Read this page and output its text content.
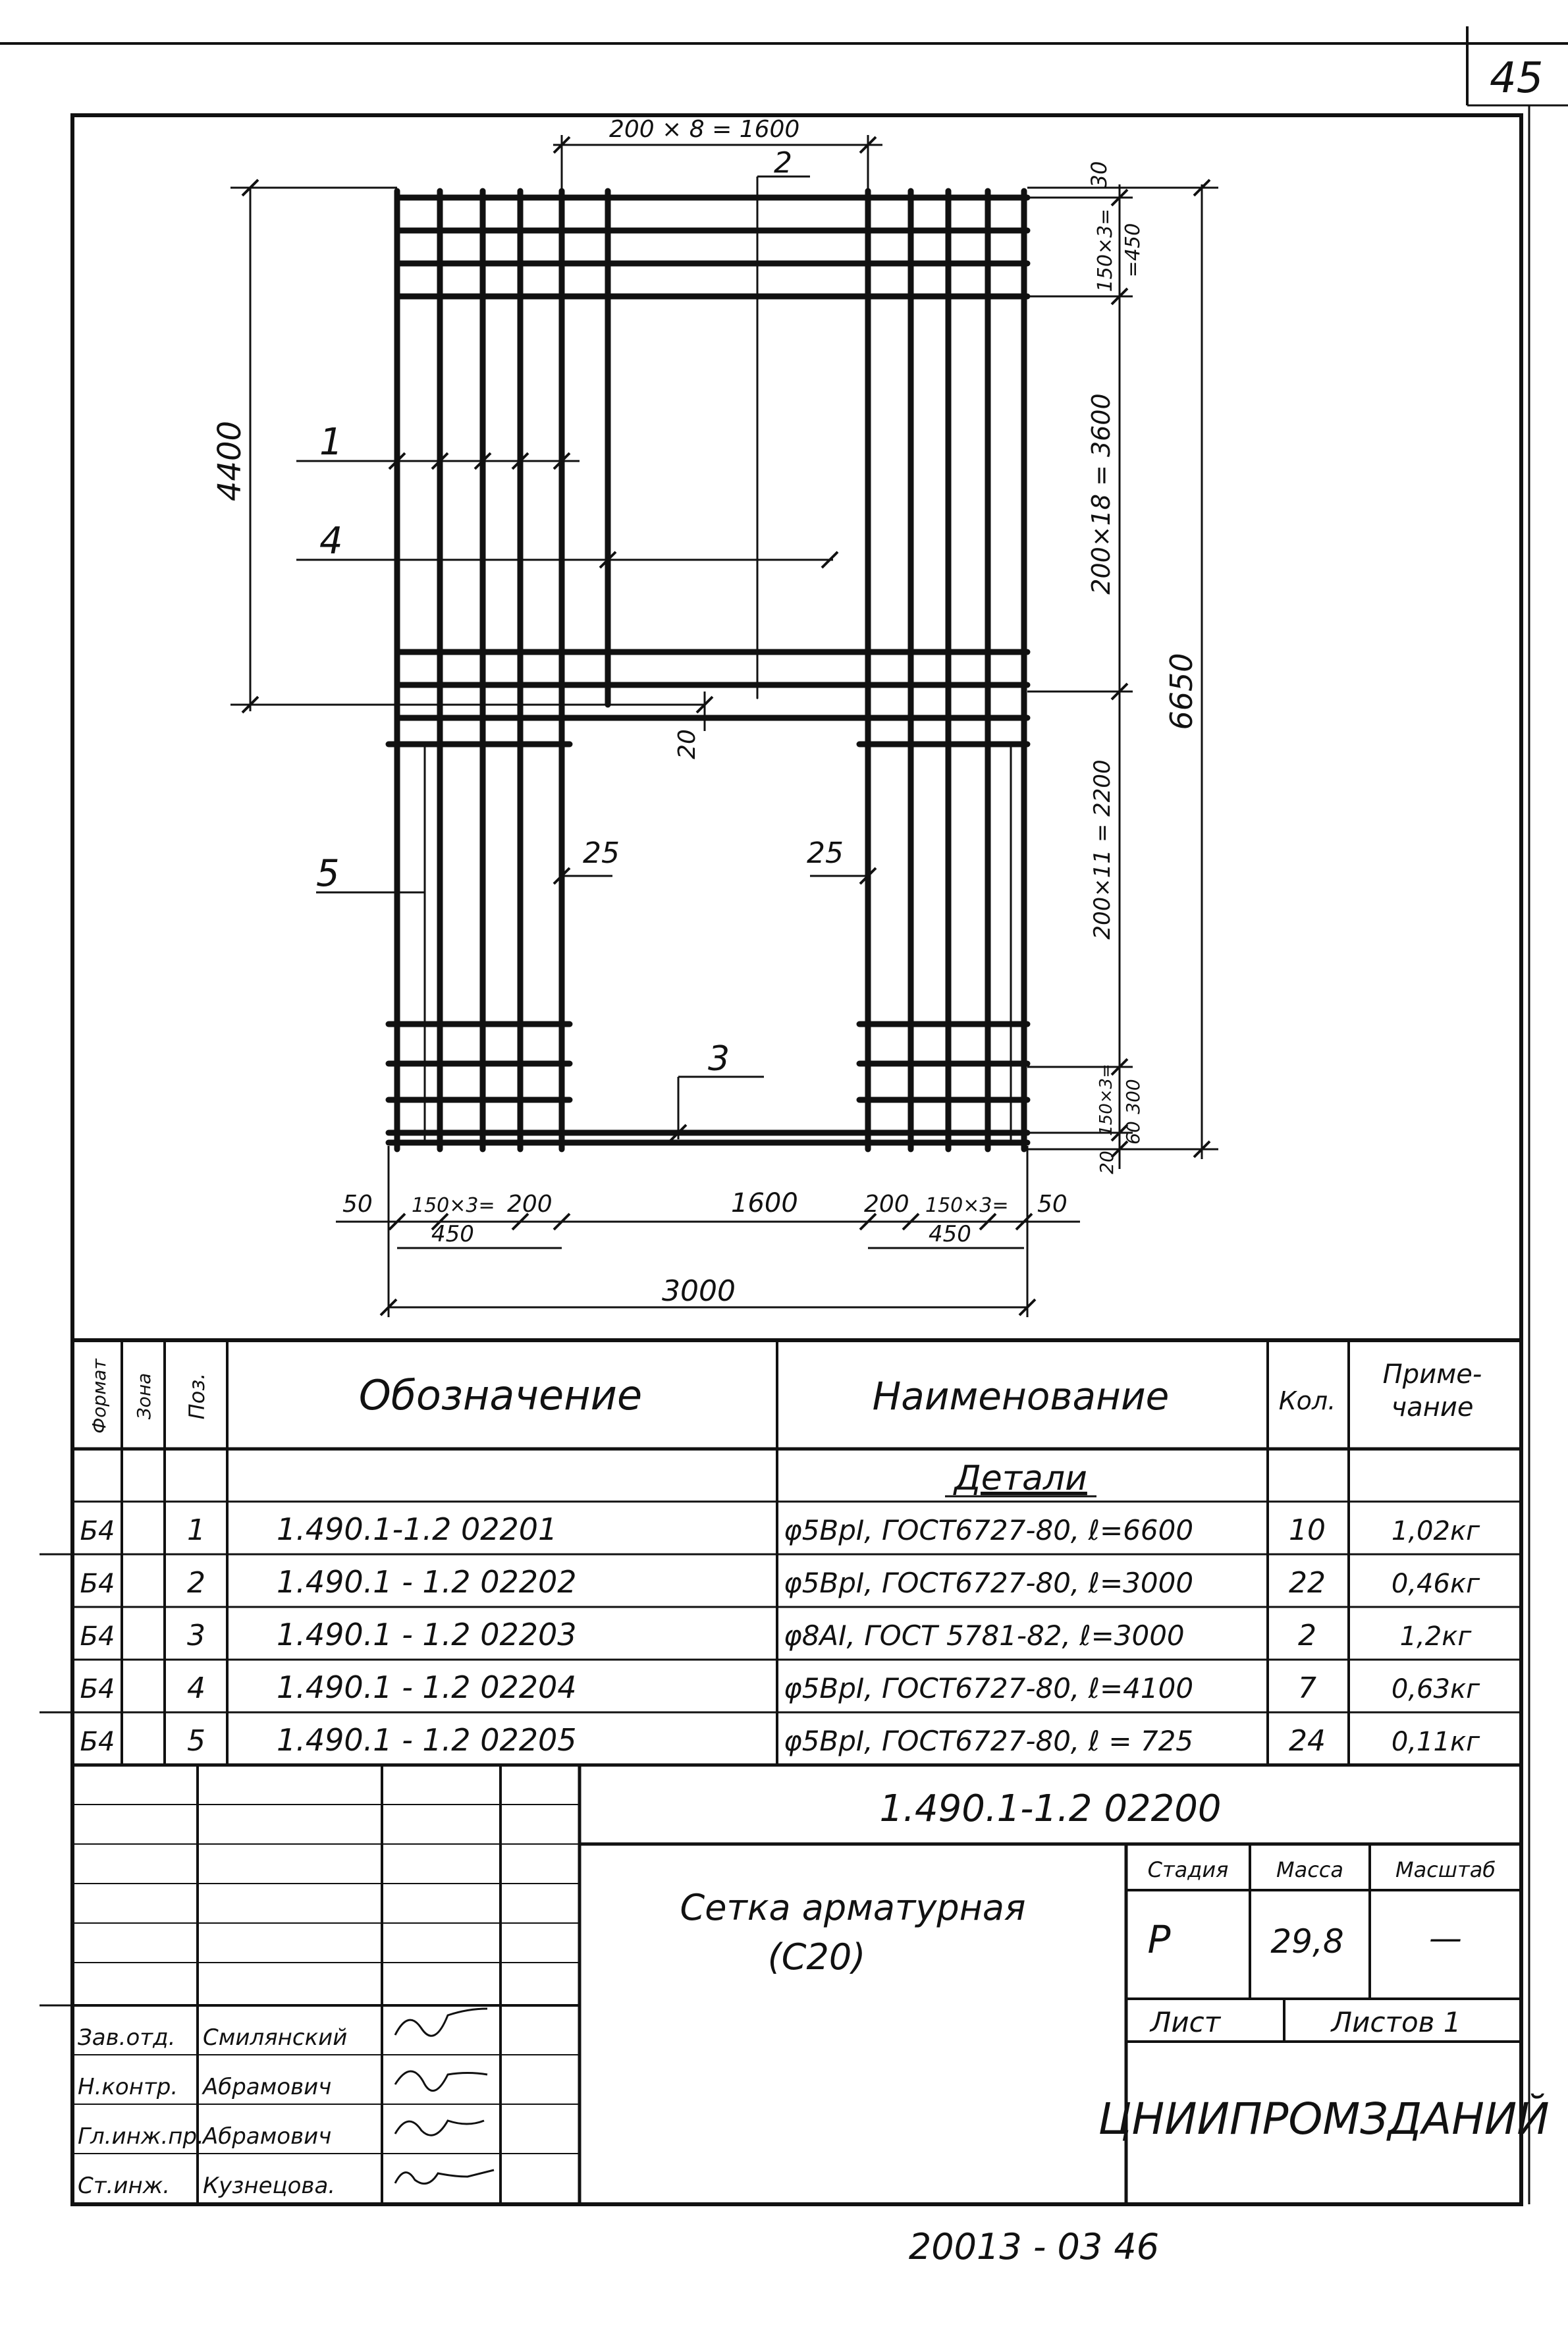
45
200 × 8 = 1600
2
4400 1
4
30
150×3= =450
200×18 = 3600
20
6650
200×11 = 2200
150×3= 60
300
20
25	25
5
3
50 150×3= 200
450
1600	200 150×3= 50
450
3000
Формат Зона Поз.	Обозначение	Наименование	Кол.
Приме-
чание
Детали
Б4 1 1.490.1-1.2 02201	φ5ВрI, ГОСТ6727-80, ℓ=6600	10 1,02кг
Б4 2 1.490.1 - 1.2 02202	φ5ВрI, ГОСТ6727-80, ℓ=3000	22 0,46кг
Б4 3 1.490.1 - 1.2 02203	φ8АI, ГОСТ 5781-82, ℓ=3000	2	1,2кг
Б4 4 1.490.1 - 1.2 02204	φ5ВрI, ГОСТ6727-80, ℓ=4100	7	0,63кг
Б4 5 1.490.1 - 1.2 02205	φ5ВрI, ГОСТ6727-80, ℓ = 725	24 0,11кг
1.490.1-1.2 02200
Сетка арматурная
(С20)
Стадия Масса Масштаб
Р	29,8	—
Лист	Листов 1
ЦНИИПРОМЗДАНИЙ
Зав.отд. Смилянский
Н.контр. Абрамович
Гл.инж.пр.
Абрамович
Ст.инж. Кузнецова.
20013 - 03 46
